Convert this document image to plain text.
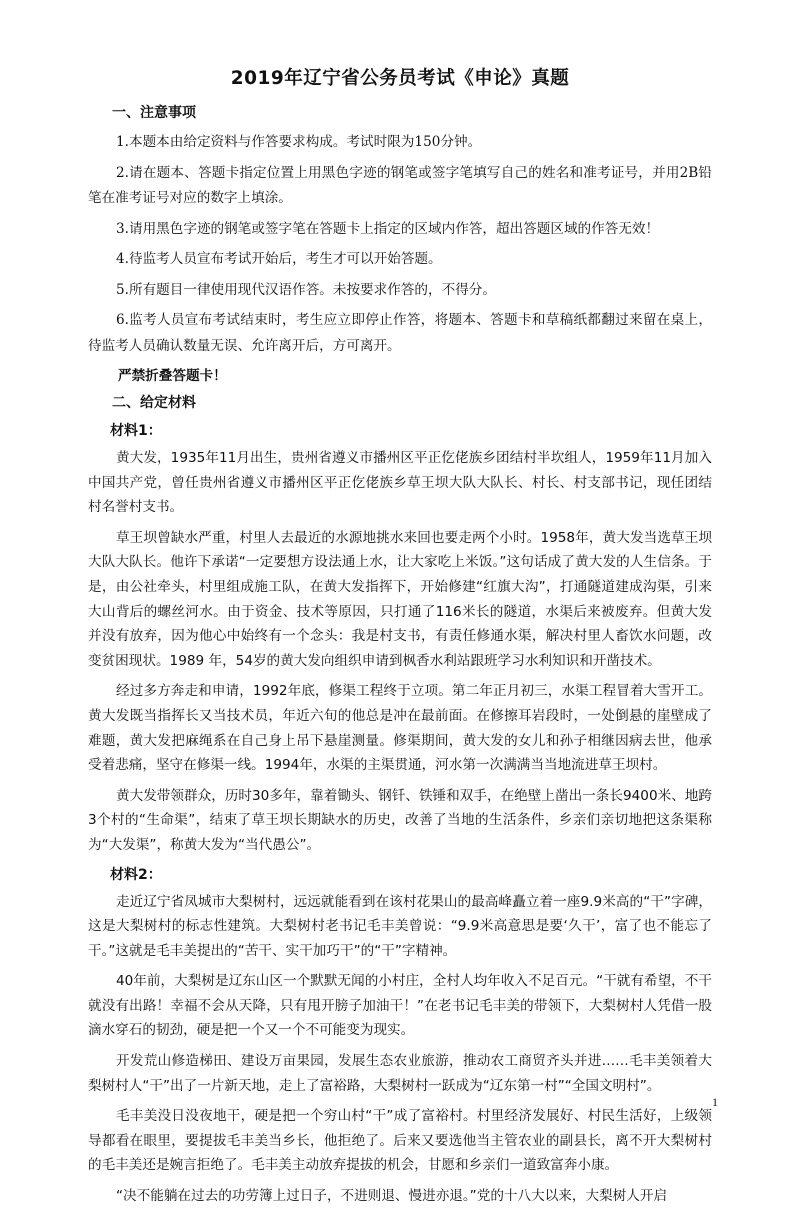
2019年辽宁省公务员考试《申论》真题
一、注意事项

1.本题本由给定资料与作答要求构成。考试时限为150分钟。

2.请在题本、答题卡指定位置上用黑色字迹的钢笔或签字笔填写自己的姓名和准考证号，并用2B铅笔在准考证号对应的数字上填涂。

3.请用黑色字迹的钢笔或签字笔在答题卡上指定的区域内作答，超出答题区域的作答无效！

4.待监考人员宣布考试开始后，考生才可以开始答题。

5.所有题目一律使用现代汉语作答。未按要求作答的，不得分。

6.监考人员宣布考试结束时，考生应立即停止作答，将题本、答题卡和草稿纸都翻过来留在桌上，待监考人员确认数量无误、允许离开后，方可离开。

严禁折叠答题卡！
二、给定材料
材料1：

黄大发，1935年11月出生，贵州省遵义市播州区平正仡佬族乡团结村半坎组人，1959年11月加入中国共产党，曾任贵州省遵义市播州区平正仡佬族乡草王坝大队大队长、村长、村支部书记，现任团结村名誉村支书。

草王坝曾缺水严重，村里人去最近的水源地挑水来回也要走两个小时。1958年，黄大发当选草王坝大队大队长。他许下承诺“一定要想方设法通上水，让大家吃上米饭。”这句话成了黄大发的人生信条。于是，由公社牵头，村里组成施工队，在黄大发指挥下，开始修建“红旗大沟”，打通隧道建成沟渠，引来大山背后的螺丝河水。由于资金、技术等原因，只打通了116米长的隧道，水渠后来被废弃。但黄大发并没有放弃，因为他心中始终有一个念头：我是村支书，有责任修通水渠，解决村里人畜饮水问题，改变贫困现状。1989 年，54岁的黄大发向组织申请到枫香水利站跟班学习水利知识和开凿技术。

经过多方奔走和申请，1992年底，修渠工程终于立项。第二年正月初三，水渠工程冒着大雪开工。黄大发既当指挥长又当技术员，年近六旬的他总是冲在最前面。在修擦耳岩段时，一处倒悬的崖壁成了难题，黄大发把麻绳系在自己身上吊下悬崖测量。修渠期间，黄大发的女儿和孙子相继因病去世，他承受着悲痛，坚守在修渠一线。1994年，水渠的主渠贯通，河水第一次满满当当地流进草王坝村。

黄大发带领群众，历时30多年，靠着锄头、钢钎、铁锤和双手，在绝壁上凿出一条长9400米、地跨3个村的“生命渠”，结束了草王坝长期缺水的历史，改善了当地的生活条件，乡亲们亲切地把这条渠称为“大发渠”，称黄大发为“当代愚公”。

材料2：

走近辽宁省凤城市大梨树村，远远就能看到在该村花果山的最高峰矗立着一座9.9米高的“干”字碑，这是大梨树村的标志性建筑。大梨树村老书记毛丰美曾说：“9.9米高意思是要‘久干’，富了也不能忘了干。”这就是毛丰美提出的“苦干、实干加巧干”的“干”字精神。

40年前，大梨树是辽东山区一个默默无闻的小村庄，全村人均年收入不足百元。“干就有希望，不干就没有出路！幸福不会从天降，只有甩开膀子加油干！”在老书记毛丰美的带领下，大梨树村人凭借一股滴水穿石的韧劲，硬是把一个又一个不可能变为现实。

开发荒山修造梯田、建设万亩果园，发展生态农业旅游，推动农工商贸齐头并进……毛丰美领着大梨树村人“干”出了一片新天地，走上了富裕路，大梨树村一跃成为“辽东第一村”“全国文明村”。

毛丰美没日没夜地干，硬是把一个穷山村“干”成了富裕村。村里经济发展好、村民生活好，上级领导都看在眼里，要提拔毛丰美当乡长，他拒绝了。后来又要选他当主管农业的副县长，离不开大梨树村的毛丰美还是婉言拒绝了。毛丰美主动放弃提拔的机会，甘愿和乡亲们一道致富奔小康。

“决不能躺在过去的功劳簿上过日子，不进则退、慢进亦退。”党的十八大以来，大梨树人开启

1
